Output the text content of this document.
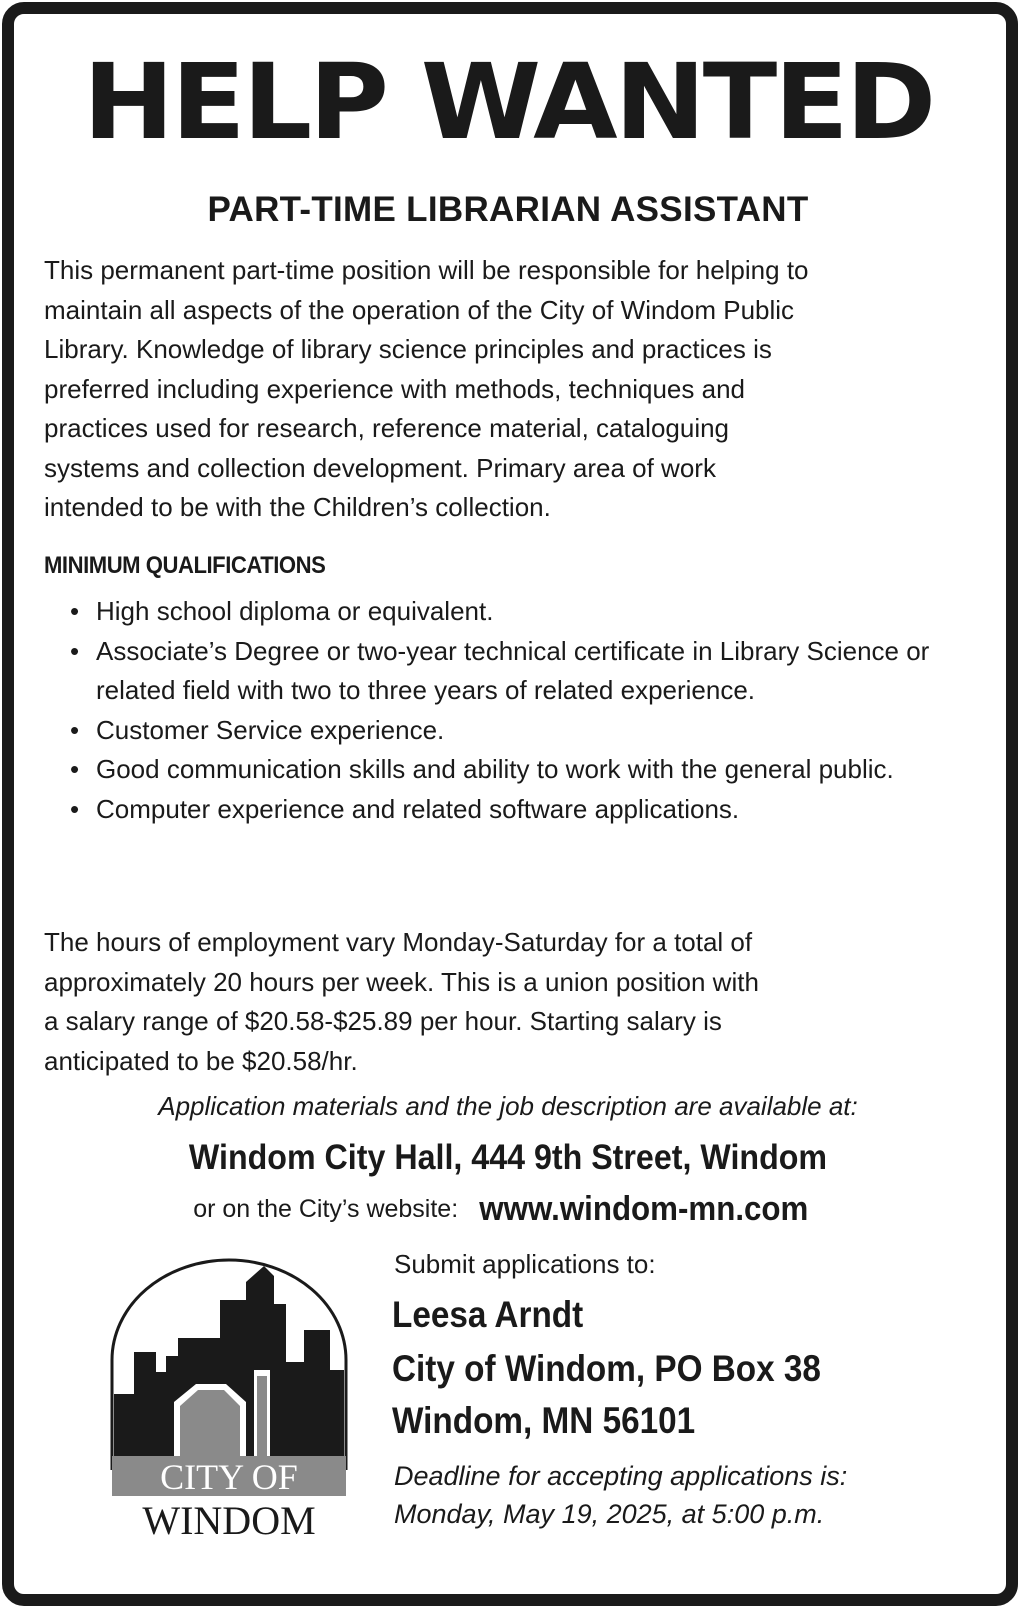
HELP WANTED
PART-TIME LIBRARIAN ASSISTANT
This permanent part-time position will be responsible for helping to
maintain all aspects of the operation of the City of Windom Public
Library. Knowledge of library science principles and practices is
preferred including experience with methods, techniques and
practices used for research, reference material, cataloguing
systems and collection development. Primary area of work
intended to be with the Children’s collection.
MINIMUM QUALIFICATIONS
• High school diploma or equivalent.
• Associate’s Degree or two-year technical certificate in Library Science or related field with two to three years of related experience.
• Customer Service experience.
• Good communication skills and ability to work with the general public.
• Computer experience and related software applications.
The hours of employment vary Monday-Saturday for a total of
approximately 20 hours per week. This is a union position with
a salary range of $20.58-$25.89 per hour. Starting salary is
anticipated to be $20.58/hr.
Application materials and the job description are available at:
Windom City Hall, 444 9th Street, Windom
or on the City’s website: www.windom-mn.com
CITY OF
WINDOM
Submit applications to:
Leesa Arndt
City of Windom, PO Box 38
Windom, MN 56101
Deadline for accepting applications is:
Monday, May 19, 2025, at 5:00 p.m.
